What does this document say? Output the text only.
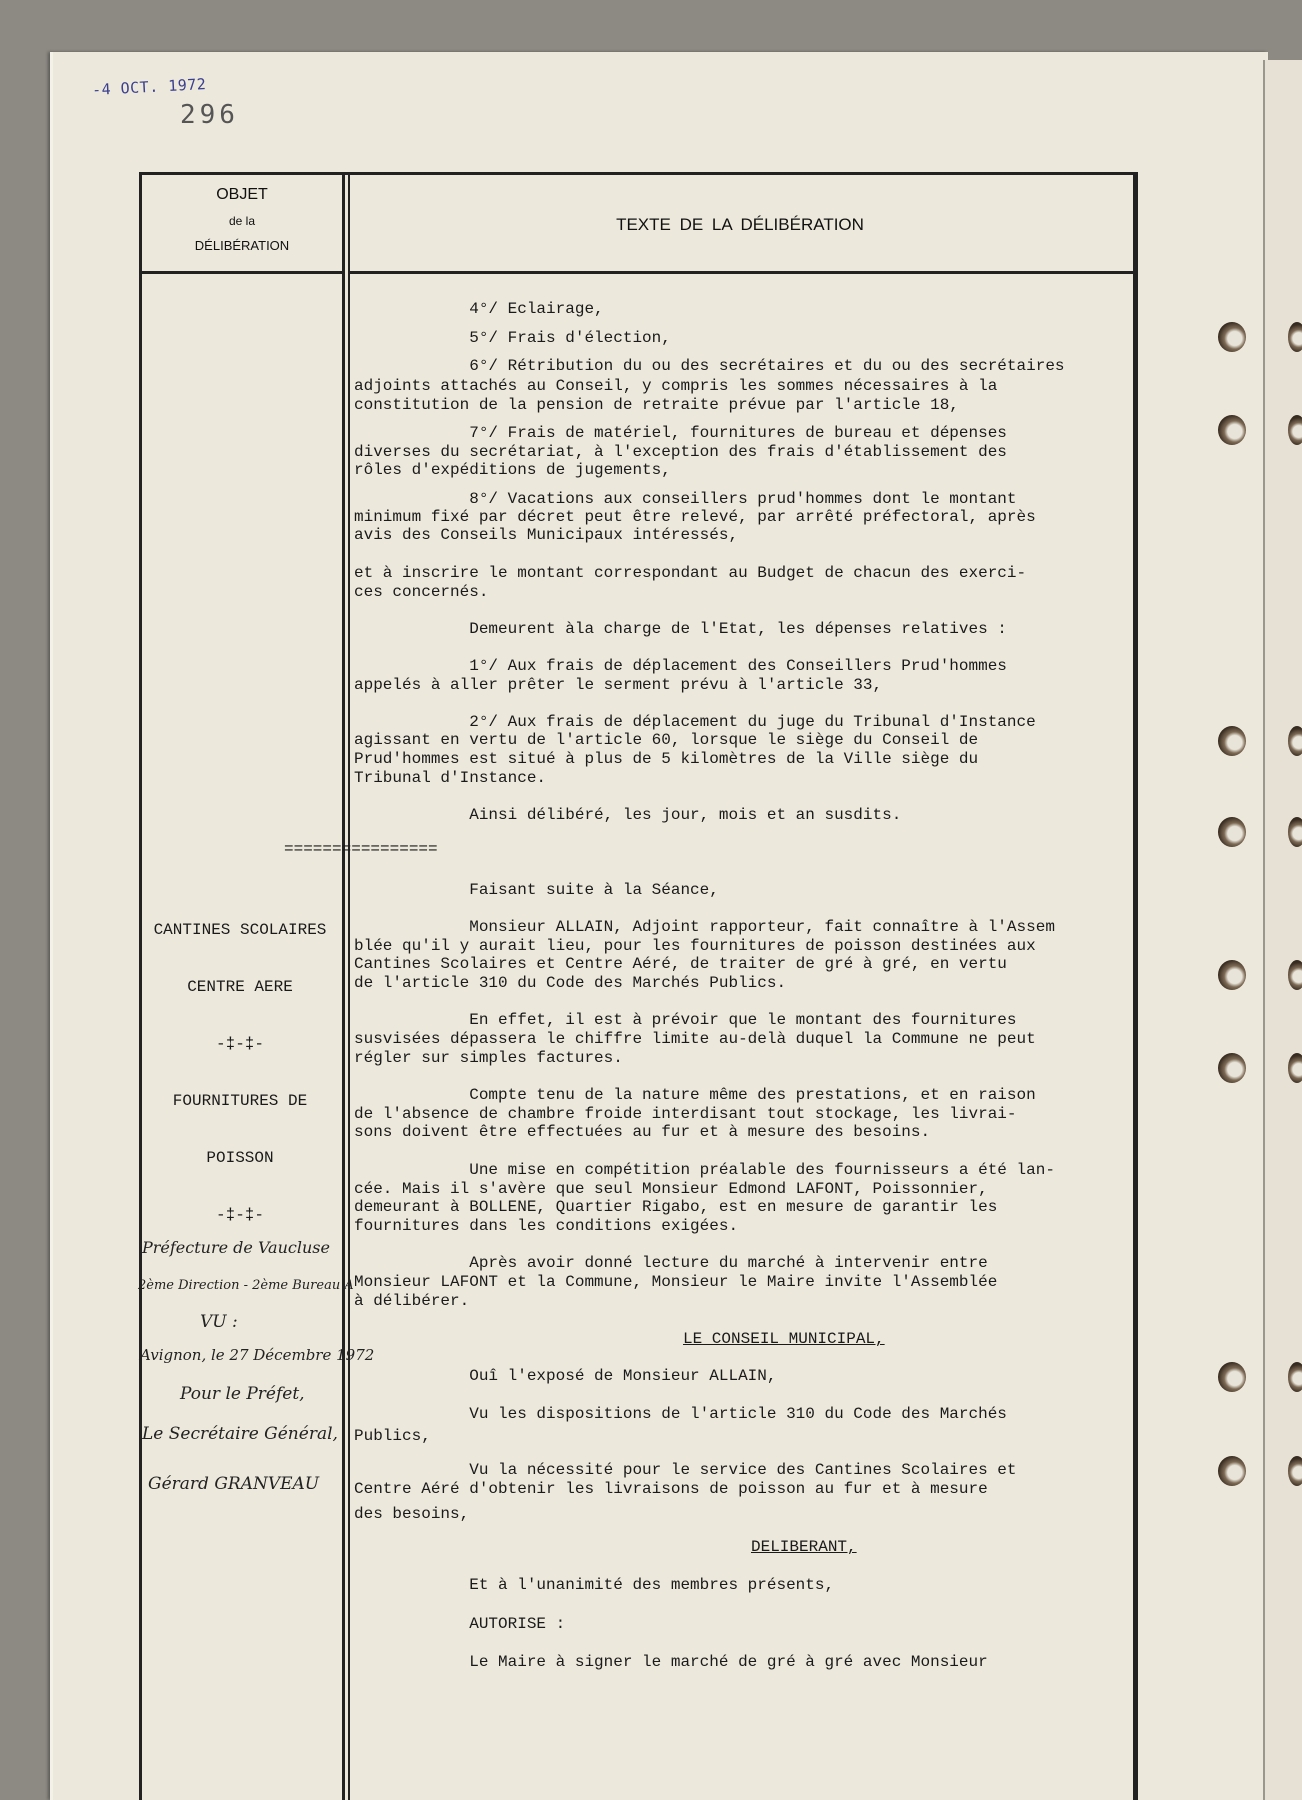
-4 OCT. 1972
296
OBJET
de la
DÉLIBÉRATION
TEXTE DE LA DÉLIBÉRATION

CANTINES SCOLAIRES

CENTRE AERE

-‡-‡-

FOURNITURES DE

POISSON

-‡-‡-

Préfecture de Vaucluse
2ème Direction - 2ème Bureau A
VU :
Avignon, le 27 Décembre 1972
Pour le Préfet,
Le Secrétaire Général,
Gérard GRANVEAU
================
4°/ Eclairage,
5°/ Frais d'élection,
6°/ Rétribution du ou des secrétaires et du ou des secrétaires
adjoints attachés au Conseil, y compris les sommes nécessaires à la
constitution de la pension de retraite prévue par l'article 18,
7°/ Frais de matériel, fournitures de bureau et dépenses
diverses du secrétariat, à l'exception des frais d'établissement des
rôles d'expéditions de jugements,
8°/ Vacations aux conseillers prud'hommes dont le montant
minimum fixé par décret peut être relevé, par arrêté préfectoral, après
avis des Conseils Municipaux intéressés,
et à inscrire le montant correspondant au Budget de chacun des exerci-
ces concernés.
Demeurent àla charge de l'Etat, les dépenses relatives :
1°/ Aux frais de déplacement des Conseillers Prud'hommes
appelés à aller prêter le serment prévu à l'article 33,
2°/ Aux frais de déplacement du juge du Tribunal d'Instance
agissant en vertu de l'article 60, lorsque le siège du Conseil de
Prud'hommes est situé à plus de 5 kilomètres de la Ville siège du
Tribunal d'Instance.
Ainsi délibéré, les jour, mois et an susdits.
Faisant suite à la Séance,
Monsieur ALLAIN, Adjoint rapporteur, fait connaître à l'Assem
blée qu'il y aurait lieu, pour les fournitures de poisson destinées aux
Cantines Scolaires et Centre Aéré, de traiter de gré à gré, en vertu
de l'article 310 du Code des Marchés Publics.
En effet, il est à prévoir que le montant des fournitures
susvisées dépassera le chiffre limite au-delà duquel la Commune ne peut
régler sur simples factures.
Compte tenu de la nature même des prestations, et en raison
de l'absence de chambre froide interdisant tout stockage, les livrai-
sons doivent être effectuées au fur et à mesure des besoins.
Une mise en compétition préalable des fournisseurs a été lan-
cée. Mais il s'avère que seul Monsieur Edmond LAFONT, Poissonnier,
demeurant à BOLLENE, Quartier Rigabo, est en mesure de garantir les
fournitures dans les conditions exigées.
Après avoir donné lecture du marché à intervenir entre
Monsieur LAFONT et la Commune, Monsieur le Maire invite l'Assemblée
à délibérer.
LE CONSEIL MUNICIPAL,
Ouî l'exposé de Monsieur ALLAIN,
Vu les dispositions de l'article 310 du Code des Marchés
Publics,
Vu la nécessité pour le service des Cantines Scolaires et
Centre Aéré d'obtenir les livraisons de poisson au fur et à mesure
des besoins,
DELIBERANT,
Et à l'unanimité des membres présents,
AUTORISE :
Le Maire à signer le marché de gré à gré avec Monsieur
